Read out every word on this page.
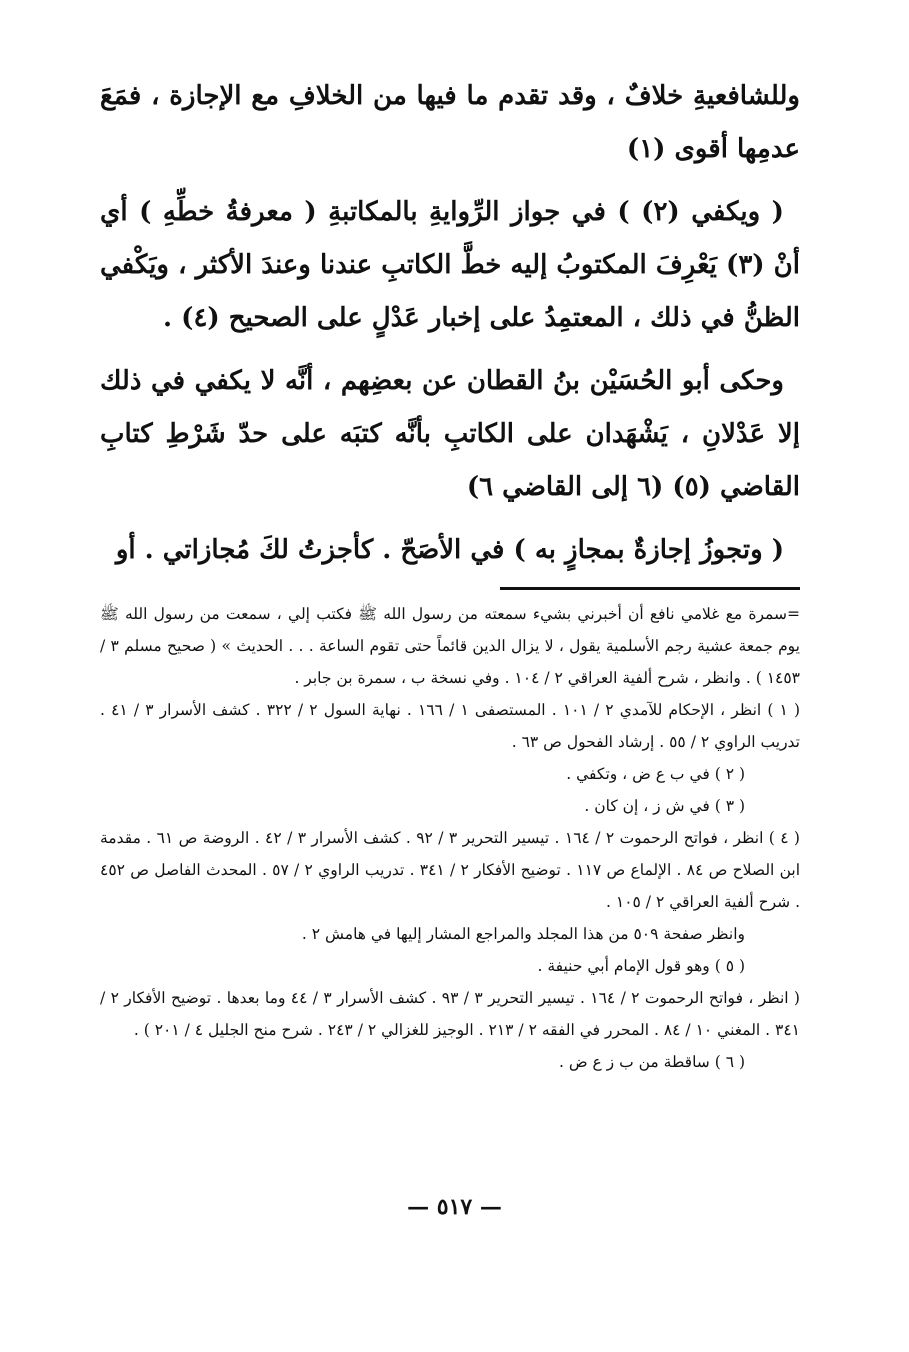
وللشافعيةِ خلافٌ ، وقد تقدم ما فيها من الخلافِ مع الإجازة ، فمَعَ عدمِها أقوى (١)

( ويكفي (٢) ) في جواز الرِّوايةِ بالمكاتبةِ ( معرفةُ خطِّهِ ) أي أنْ (٣) يَعْرِفَ المكتوبُ إليه خطَّ الكاتبِ عندنا وعندَ الأكثر ، ويَكْفي الظنُّ في ذلك ، المعتمِدُ على إخبار عَدْلٍ على الصحيح (٤) .

وحكى أبو الحُسَيْن بنُ القطان عن بعضِهم ، أنَّه لا يكفي في ذلك إلا عَدْلانِ ، يَشْهَدان على الكاتبِ بأنَّه كتبَه على حدّ شَرْطِ كتابِ القاضي (٥) (٦ إلى القاضي ٦)

( وتجوزُ إجازةٌ بمجازٍ به ) في الأصَحّ . كأجزتُ لكَ مُجازاتي . أو

=سمرة مع غلامي نافع أن أخبرني بشيء سمعته من رسول الله ﷺ فكتب إلي ، سمعت من رسول الله ﷺ يوم جمعة عشية رجم الأسلمية يقول ، لا يزال الدين قائماً حتى تقوم الساعة . . . الحديث » ( صحيح مسلم ٣ / ١٤٥٣ ) . وانظر ، شرح ألفية العراقي ٢ / ١٠٤ . وفي نسخة ب ، سمرة بن جابر .

( ١ ) انظر ، الإحكام للآمدي ٢ / ١٠١ . المستصفى ١ / ١٦٦ . نهاية السول ٢ / ٣٢٢ . كشف الأسرار ٣ / ٤١ . تدريب الراوي ٢ / ٥٥ . إرشاد الفحول ص ٦٣ .

( ٢ ) في ب ع ض ، وتكفي .

( ٣ ) في ش ز ، إن كان .

( ٤ ) انظر ، فواتح الرحموت ٢ / ١٦٤ . تيسير التحرير ٣ / ٩٢ . كشف الأسرار ٣ / ٤٢ . الروضة ص ٦١ . مقدمة ابن الصلاح ص ٨٤ . الإلماع ص ١١٧ . توضيح الأفكار ٢ / ٣٤١ . تدريب الراوي ٢ / ٥٧ . المحدث الفاصل ص ٤٥٢ . شرح ألفية العراقي ٢ / ١٠٥ .

وانظر صفحة ٥٠٩ من هذا المجلد والمراجع المشار إليها في هامش ٢ .

( ٥ ) وهو قول الإمام أبي حنيفة .

( انظر ، فواتح الرحموت ٢ / ١٦٤ . تيسير التحرير ٣ / ٩٣ . كشف الأسرار ٣ / ٤٤ وما بعدها . توضيح الأفكار ٢ / ٣٤١ . المغني ١٠ / ٨٤ . المحرر في الفقه ٢ / ٢١٣ . الوجيز للغزالي ٢ / ٢٤٣ . شرح منح الجليل ٤ / ٢٠١ ) .

( ٦ ) ساقطة من ب ز ع ض .

— ٥١٧ —
